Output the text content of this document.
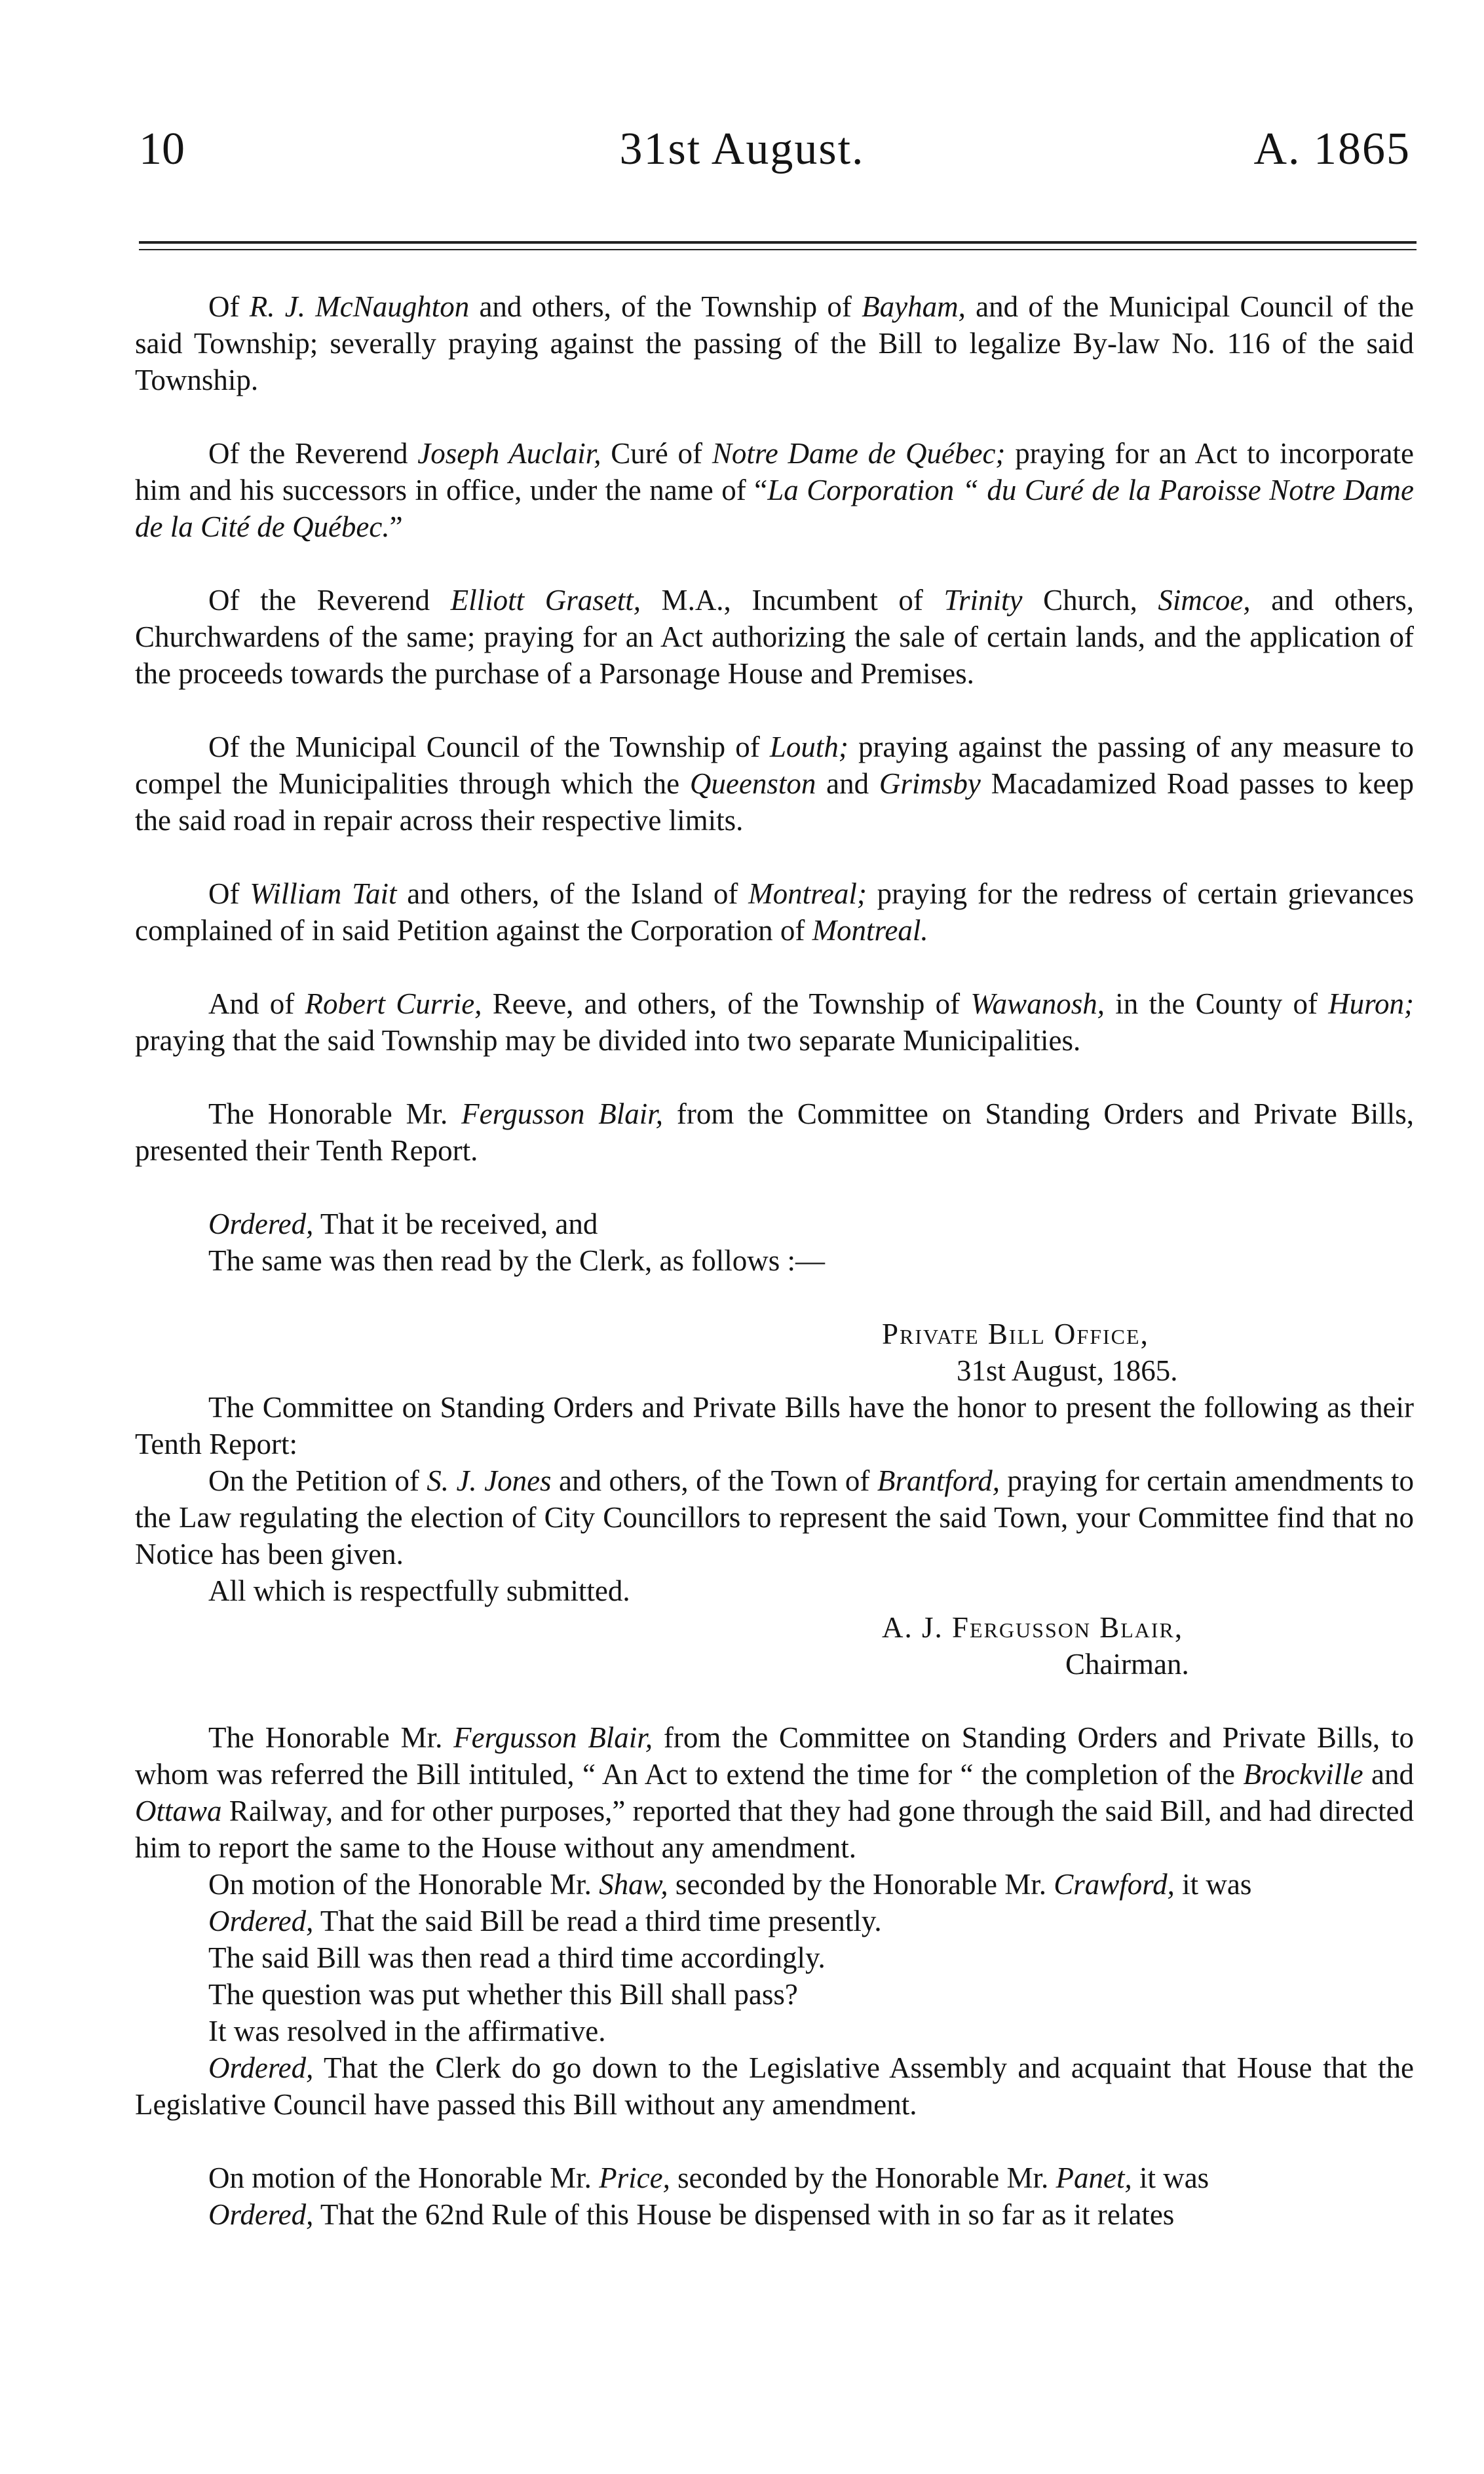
10	31st August.	A. 1865

Of R. J. McNaughton and others, of the Township of Bayham, and of the Municipal Council of the said Township; severally praying against the passing of the Bill to legalize By-law No. 116 of the said Township.

Of the Reverend Joseph Auclair, Curé of Notre Dame de Québec; praying for an Act to incorporate him and his successors in office, under the name of “La Corporation “ du Curé de la Paroisse Notre Dame de la Cité de Québec.”

Of the Reverend Elliott Grasett, M.A., Incumbent of Trinity Church, Simcoe, and others, Churchwardens of the same; praying for an Act authorizing the sale of certain lands, and the application of the proceeds towards the purchase of a Parsonage House and Premises.

Of the Municipal Council of the Township of Louth; praying against the passing of any measure to compel the Municipalities through which the Queenston and Grimsby Macadamized Road passes to keep the said road in repair across their respective limits.

Of William Tait and others, of the Island of Montreal; praying for the redress of certain grievances complained of in said Petition against the Corporation of Montreal.

And of Robert Currie, Reeve, and others, of the Township of Wawanosh, in the County of Huron; praying that the said Township may be divided into two separate Municipalities.

The Honorable Mr. Fergusson Blair, from the Committee on Standing Orders and Private Bills, presented their Tenth Report.

Ordered, That it be received, and

The same was then read by the Clerk, as follows :—

Private Bill Office,

31st August, 1865.

The Committee on Standing Orders and Private Bills have the honor to present the following as their Tenth Report:

On the Petition of S. J. Jones and others, of the Town of Brantford, praying for certain amendments to the Law regulating the election of City Councillors to represent the said Town, your Committee find that no Notice has been given.

All which is respectfully submitted.

A. J. Fergusson Blair,

Chairman.

The Honorable Mr. Fergusson Blair, from the Committee on Standing Orders and Private Bills, to whom was referred the Bill intituled, “ An Act to extend the time for “ the completion of the Brockville and Ottawa Railway, and for other purposes,” reported that they had gone through the said Bill, and had directed him to report the same to the House without any amendment.

On motion of the Honorable Mr. Shaw, seconded by the Honorable Mr. Crawford, it was

Ordered, That the said Bill be read a third time presently.

The said Bill was then read a third time accordingly.

The question was put whether this Bill shall pass?

It was resolved in the affirmative.

Ordered, That the Clerk do go down to the Legislative Assembly and acquaint that House that the Legislative Council have passed this Bill without any amendment.

On motion of the Honorable Mr. Price, seconded by the Honorable Mr. Panet, it was

Ordered, That the 62nd Rule of this House be dispensed with in so far as it relates
